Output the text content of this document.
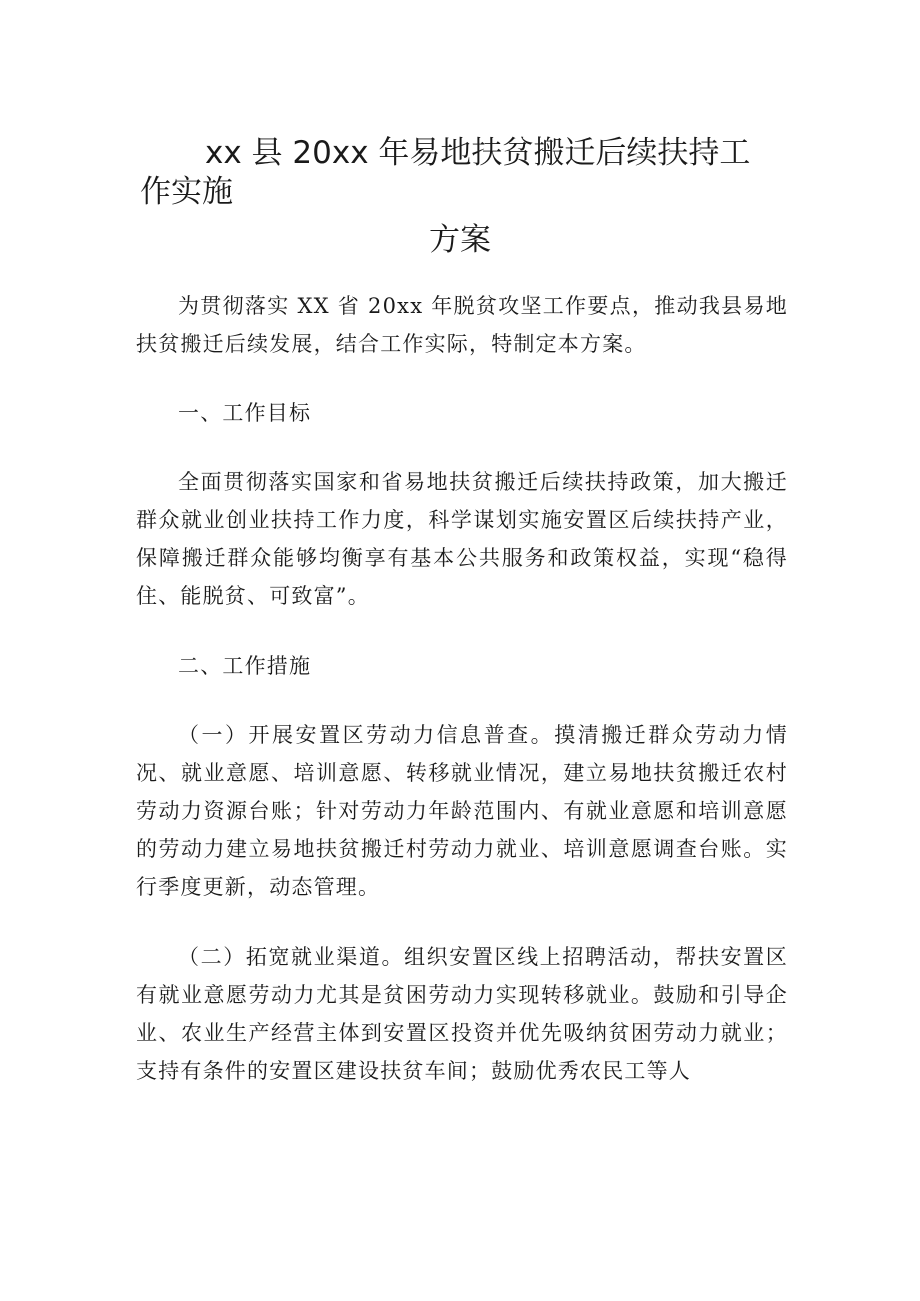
xx 县 20xx 年易地扶贫搬迁后续扶持工
作实施
方案

为贯彻落实 XX 省 20xx 年脱贫攻坚工作要点，推动我县易地扶贫搬迁后续发展，结合工作实际，特制定本方案。

一、工作目标

全面贯彻落实国家和省易地扶贫搬迁后续扶持政策，加大搬迁群众就业创业扶持工作力度，科学谋划实施安置区后续扶持产业，保障搬迁群众能够均衡享有基本公共服务和政策权益，实现“稳得住、能脱贫、可致富”。

二、工作措施

（一）开展安置区劳动力信息普查。摸清搬迁群众劳动力情况、就业意愿、培训意愿、转移就业情况，建立易地扶贫搬迁农村劳动力资源台账；针对劳动力年龄范围内、有就业意愿和培训意愿的劳动力建立易地扶贫搬迁村劳动力就业、培训意愿调查台账。实行季度更新，动态管理。

（二）拓宽就业渠道。组织安置区线上招聘活动，帮扶安置区有就业意愿劳动力尤其是贫困劳动力实现转移就业。鼓励和引导企业、农业生产经营主体到安置区投资并优先吸纳贫困劳动力就业；支持有条件的安置区建设扶贫车间；鼓励优秀农民工等人
